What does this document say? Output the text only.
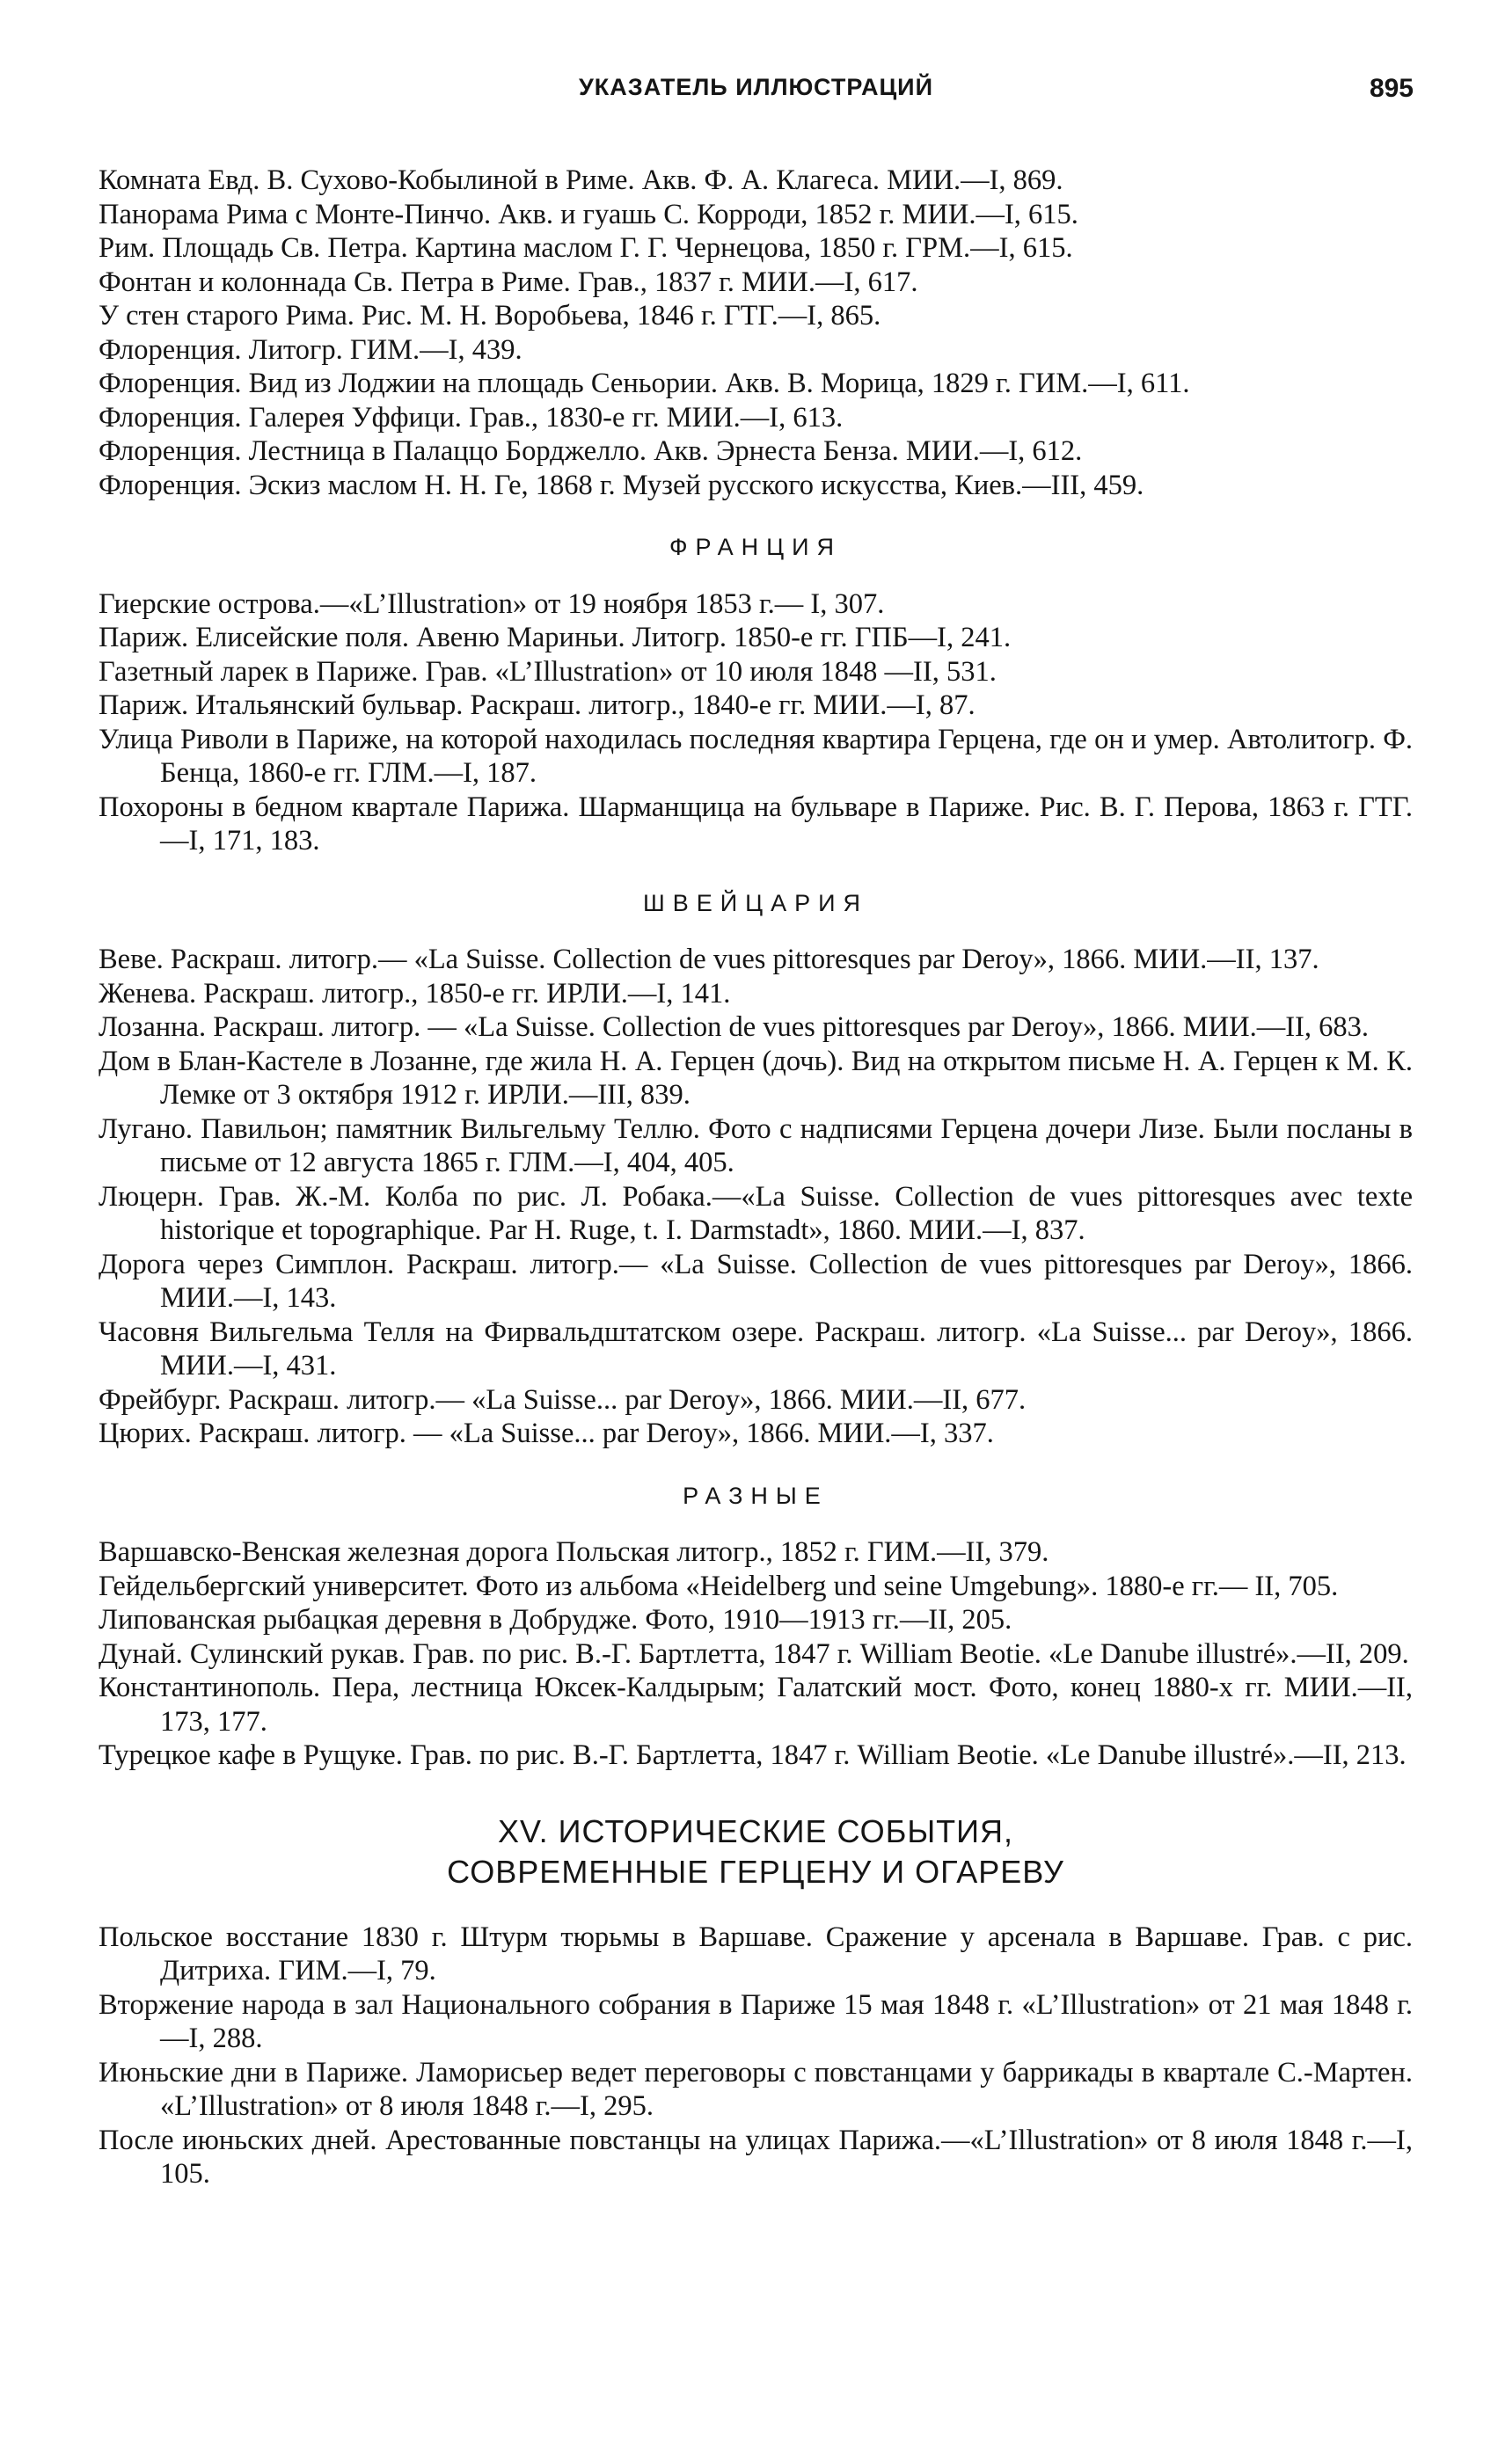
УКАЗАТЕЛЬ ИЛЛЮСТРАЦИЙ	895
Комната Евд. В. Сухово-Кобылиной в Риме. Акв. Ф. А. Клагеса. МИИ.—I, 869.
Панорама Рима с Монте-Пинчо. Акв. и гуашь С. Корроди, 1852 г. МИИ.—I, 615.
Рим. Площадь Св. Петра. Картина маслом Г. Г. Чернецова, 1850 г. ГРМ.—I, 615.
Фонтан и колоннада Св. Петра в Риме. Грав., 1837 г. МИИ.—I, 617.
У стен старого Рима. Рис. М. Н. Воробьева, 1846 г. ГТГ.—I, 865.
Флоренция. Литогр. ГИМ.—I, 439.
Флоренция. Вид из Лоджии на площадь Сеньории. Акв. В. Морица, 1829 г. ГИМ.—I, 611.
Флоренция. Галерея Уффици. Грав., 1830-е гг. МИИ.—I, 613.
Флоренция. Лестница в Палаццо Борджелло. Акв. Эрнеста Бенза. МИИ.—I, 612.
Флоренция. Эскиз маслом Н. Н. Ге, 1868 г. Музей русского искусства, Киев.—III, 459.
ФРАНЦИЯ
Гиерские острова.—«L’Illustration» от 19 ноября 1853 г.— I, 307.
Париж. Елисейские поля. Авеню Мариньи. Литогр. 1850-е гг. ГПБ—I, 241.
Газетный ларек в Париже. Грав. «L’Illustration» от 10 июля 1848 —II, 531.
Париж. Итальянский бульвар. Раскраш. литогр., 1840-е гг. МИИ.—I, 87.
Улица Риволи в Париже, на которой находилась последняя квартира Герцена, где он и умер. Автолитогр. Ф. Бенца, 1860-е гг. ГЛМ.—I, 187.
Похороны в бедном квартале Парижа. Шарманщица на бульваре в Париже. Рис. В. Г. Перова, 1863 г. ГТГ.—I, 171, 183.
ШВЕЙЦАРИЯ
Веве. Раскраш. литогр.— «La Suisse. Collection de vues pittoresques par Deroy», 1866. МИИ.—II, 137.
Женева. Раскраш. литогр., 1850-е гг. ИРЛИ.—I, 141.
Лозанна. Раскраш. литогр. — «La Suisse. Collection de vues pittoresques par Deroy», 1866. МИИ.—II, 683.
Дом в Блан-Кастеле в Лозанне, где жила Н. А. Герцен (дочь). Вид на открытом письме Н. А. Герцен к М. К. Лемке от 3 октября 1912 г. ИРЛИ.—III, 839.
Лугано. Павильон; памятник Вильгельму Теллю. Фото с надписями Герцена дочери Лизе. Были посланы в письме от 12 августа 1865 г. ГЛМ.—I, 404, 405.
Люцерн. Грав. Ж.-М. Колба по рис. Л. Робака.—«La Suisse. Collection de vues pittoresques avec texte historique et topographique. Par H. Ruge, t. I. Darmstadt», 1860. МИИ.—I, 837.
Дорога через Симплон. Раскраш. литогр.— «La Suisse. Collection de vues pittoresques par Deroy», 1866. МИИ.—I, 143.
Часовня Вильгельма Телля на Фирвальдштатском озере. Раскраш. литогр. «La Suisse... par Deroy», 1866. МИИ.—I, 431.
Фрейбург. Раскраш. литогр.— «La Suisse... par Deroy», 1866. МИИ.—II, 677.
Цюрих. Раскраш. литогр. — «La Suisse... par Deroy», 1866. МИИ.—I, 337.
РАЗНЫЕ
Варшавско-Венская железная дорога Польская литогр., 1852 г. ГИМ.—II, 379.
Гейдельбергский университет. Фото из альбома «Heidelberg und seine Umgebung». 1880-е гг.— II, 705.
Липованская рыбацкая деревня в Добрудже. Фото, 1910—1913 гг.—II, 205.
Дунай. Сулинский рукав. Грав. по рис. В.-Г. Бартлетта, 1847 г. William Beotie. «Le Danube illustré».—II, 209.
Константинополь. Пера, лестница Юксек-Калдырым; Галатский мост. Фото, конец 1880-х гг. МИИ.—II, 173, 177.
Турецкое кафе в Рущуке. Грав. по рис. В.-Г. Бартлетта, 1847 г. William Beotie. «Le Danube illustré».—II, 213.
XV. ИСТОРИЧЕСКИЕ СОБЫТИЯ,
СОВРЕМЕННЫЕ ГЕРЦЕНУ И ОГАРЕВУ
Польское восстание 1830 г. Штурм тюрьмы в Варшаве. Сражение у арсенала в Варшаве. Грав. с рис. Дитриха. ГИМ.—I, 79.
Вторжение народа в зал Национального собрания в Париже 15 мая 1848 г. «L’Illustration» от 21 мая 1848 г. —I, 288.
Июньские дни в Париже. Ламорисьер ведет переговоры с повстанцами у баррикады в квартале С.-Мартен. «L’Illustration» от 8 июля 1848 г.—I, 295.
После июньских дней. Арестованные повстанцы на улицах Парижа.—«L’Illustration» от 8 июля 1848 г.—I, 105.
